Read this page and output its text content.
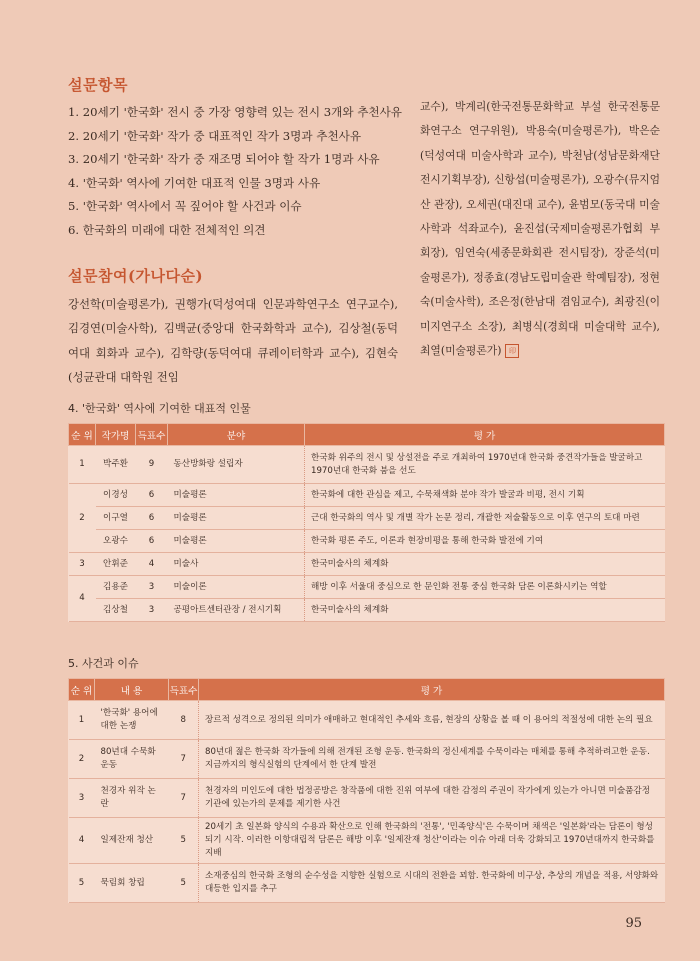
설문항목
1. 20세기 '한국화' 전시 중 가장 영향력 있는 전시 3개와 추천사유
2. 20세기 '한국화' 작가 중 대표적인 작가 3명과 추천사유
3. 20세기 '한국화' 작가 중 재조명 되어야 할 작가 1명과 사유
4. '한국화' 역사에 기여한 대표적 인물 3명과 사유
5. '한국화' 역사에서 꼭 짚어야 할 사건과 이슈
6. 한국화의 미래에 대한 전체적인 의견
설문참여(가나다순)

강선학(미술평론가), 권행가(덕성여대 인문과학연구소 연구교수), 김경연(미술사학), 김백균(중앙대 한국화학과 교수), 김상철(동덕여대 회화과 교수), 김학량(동덕여대 큐레이터학과 교수), 김현숙(성균관대 대학원 전임

교수), 박계리(한국전통문화학교 부설 한국전통문화연구소 연구위원), 박용숙(미술평론가), 박은순(덕성여대 미술사학과 교수), 박천남(성남문화재단 전시기획부장), 신항섭(미술평론가), 오광수(뮤지엄산 관장), 오세권(대진대 교수), 윤범모(동국대 미술사학과 석좌교수), 윤진섭(국제미술평론가협회 부회장), 임연숙(세종문화회관 전시팀장), 장준석(미술평론가), 정종효(경남도립미술관 학예팀장), 정현숙(미술사학), 조은정(한남대 겸임교수), 최광진(이미지연구소 소장), 최병식(경희대 미술대학 교수), 최열(미술평론가) 印

4. '한국화' 역사에 기여한 대표적 인물
순 위	작가명	득표수	분야	평 가
1	박주환	9	동산방화랑 설립자	한국화 위주의 전시 및 상설전을 주로 개최하여 1970년대 한국화 중견작가들을 발굴하고 1970년대 한국화 붐을 선도
2	이경성	6	미술평론	한국화에 대한 관심을 제고, 수묵채색화 분야 작가 발굴과 비평, 전시 기획
	이구열	6	미술평론	근대 한국화의 역사 및 개별 작가 논문 정리, 개괄한 저술활동으로 이후 연구의 토대 마련
	오광수	6	미술평론	한국화 평론 주도, 이론과 현장비평을 통해 한국화 발전에 기여
3	안휘준	4	미술사	한국미술사의 체계화
4	김용준	3	미술이론	해방 이후 서울대 중심으로 한 문인화 전통 중심 한국화 담론 이론화시키는 역할
	김상철	3	공평아트센터관장 / 전시기획	한국미술사의 체계화
5. 사건과 이슈
순 위	내 용	득표수	평 가
1	'한국화' 용어에 대한 논쟁	8	장르적 성격으로 정의된 의미가 애매하고 현대적인 추세와 흐름, 현장의 상황을 볼 때 이 용어의 적절성에 대한 논의 필요
2	80년대 수묵화 운동	7	80년대 젊은 한국화 작가들에 의해 전개된 조형 운동. 한국화의 정신세계를 수묵이라는 매체를 통해 추적하려고한 운동. 지금까지의 형식실험의 단계에서 한 단계 발전
3	천경자 위작 논란	7	천경자의 미인도에 대한 법정공방은 창작품에 대한 진위 여부에 대한 감정의 주권이 작가에게 있는가 아니면 미술품감정 기관에 있는가의 문제를 제기한 사건
4	일제잔재 청산	5	20세기 초 일본화 양식의 수용과 확산으로 인해 한국화의 '전통', '민족양식'은 수묵이며 채색은 '일본화'라는 담론이 형성되기 시작. 이러한 이항대립적 담론은 해방 이후 '일제잔재 청산'이라는 이슈 아래 더욱 강화되고 1970년대까지 한국화를 지배
5	묵림회 창립	5	소재중심의 한국화 조형의 순수성을 지향한 실험으로 시대의 전환을 꾀함. 한국화에 비구상, 추상의 개념을 적용, 서양화와 대등한 입지를 추구
95
